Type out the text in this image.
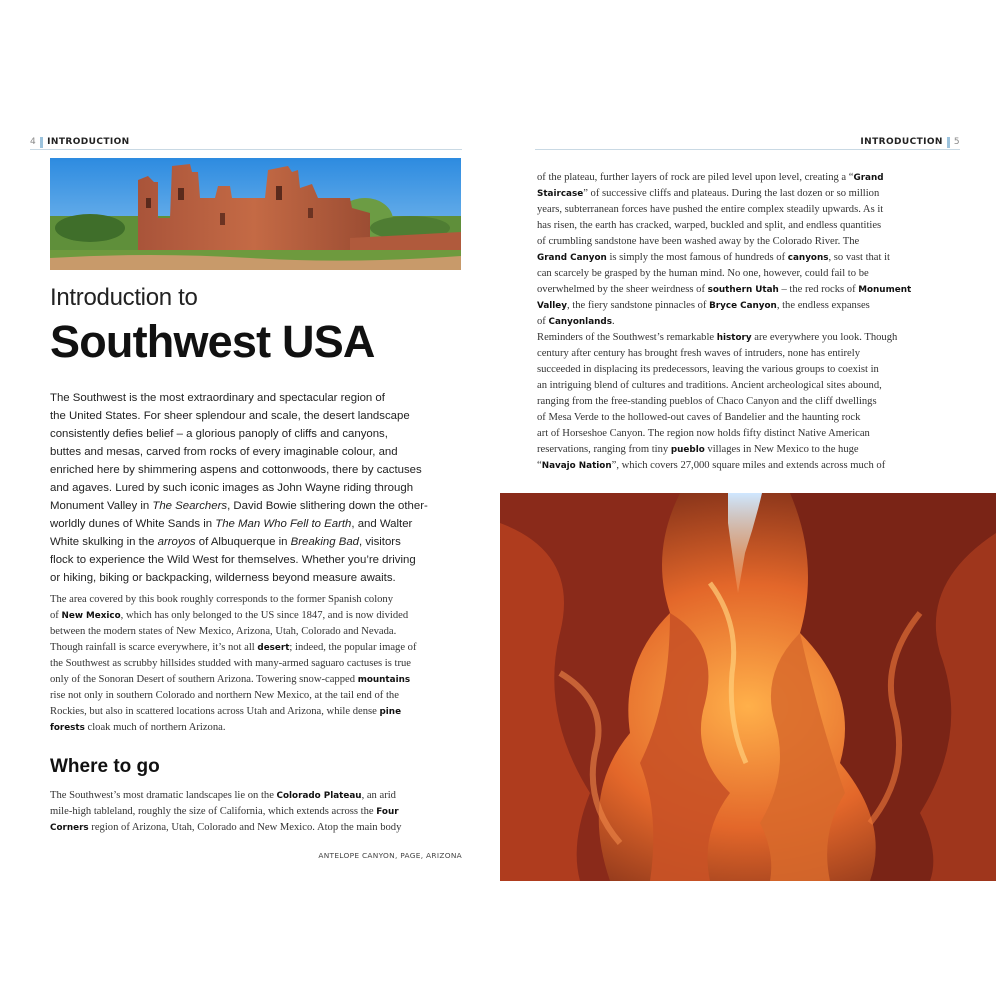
4 INTRODUCTION	INTRODUCTION 5
Introduction to
Southwest USA
The Southwest is the most extraordinary and spectacular region of
the United States. For sheer splendour and scale, the desert landscape
consistently defies belief – a glorious panoply of cliffs and canyons,
buttes and mesas, carved from rocks of every imaginable colour, and
enriched here by shimmering aspens and cottonwoods, there by cactuses
and agaves. Lured by such iconic images as John Wayne riding through
Monument Valley in The Searchers, David Bowie slithering down the other-
worldly dunes of White Sands in The Man Who Fell to Earth, and Walter
White skulking in the arroyos of Albuquerque in Breaking Bad, visitors
flock to experience the Wild West for themselves. Whether you’re driving
or hiking, biking or backpacking, wilderness beyond measure awaits.
The area covered by this book roughly corresponds to the former Spanish colony
of New Mexico, which has only belonged to the US since 1847, and is now divided
between the modern states of New Mexico, Arizona, Utah, Colorado and Nevada.
Though rainfall is scarce everywhere, it’s not all desert; indeed, the popular image of
the Southwest as scrubby hillsides studded with many-armed saguaro cactuses is true
only of the Sonoran Desert of southern Arizona. Towering snow-capped mountains
rise not only in southern Colorado and northern New Mexico, at the tail end of the
Rockies, but also in scattered locations across Utah and Arizona, while dense pine
forests cloak much of northern Arizona.
Where to go
The Southwest’s most dramatic landscapes lie on the Colorado Plateau, an arid
mile-high tableland, roughly the size of California, which extends across the Four
Corners region of Arizona, Utah, Colorado and New Mexico. Atop the main body
ANTELOPE CANYON, PAGE, ARIZONA
of the plateau, further layers of rock are piled level upon level, creating a “Grand
Staircase” of successive cliffs and plateaus. During the last dozen or so million
years, subterranean forces have pushed the entire complex steadily upwards. As it
has risen, the earth has cracked, warped, buckled and split, and endless quantities
of crumbling sandstone have been washed away by the Colorado River. The
Grand Canyon is simply the most famous of hundreds of canyons, so vast that it
can scarcely be grasped by the human mind. No one, however, could fail to be
overwhelmed by the sheer weirdness of southern Utah – the red rocks of Monument
Valley, the fiery sandstone pinnacles of Bryce Canyon, the endless expanses
of Canyonlands.
Reminders of the Southwest’s remarkable history are everywhere you look. Though
century after century has brought fresh waves of intruders, none has entirely
succeeded in displacing its predecessors, leaving the various groups to coexist in
an intriguing blend of cultures and traditions. Ancient archeological sites abound,
ranging from the free-standing pueblos of Chaco Canyon and the cliff dwellings
of Mesa Verde to the hollowed-out caves of Bandelier and the haunting rock
art of Horseshoe Canyon. The region now holds fifty distinct Native American
reservations, ranging from tiny pueblo villages in New Mexico to the huge
“Navajo Nation”, which covers 27,000 square miles and extends across much of
